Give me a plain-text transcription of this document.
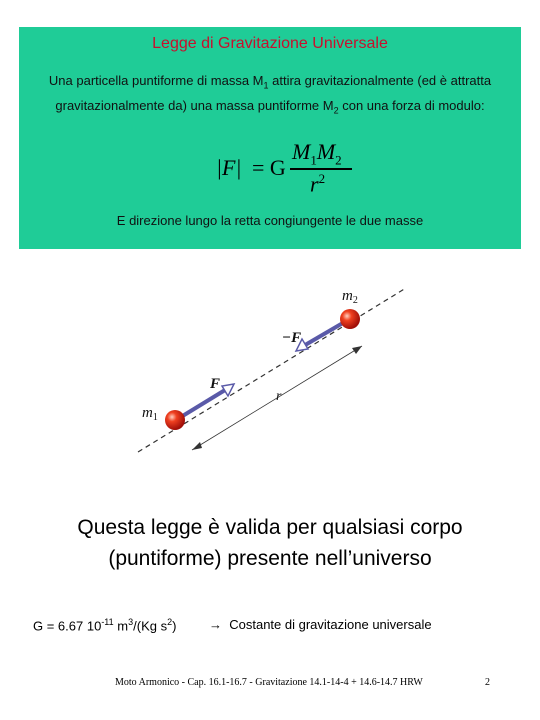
Legge di Gravitazione Universale
Una particella puntiforme di massa $M_1$ attira gravitazionalmente (ed è attratta gravitazionalmente da) una massa puntiforme $M_2$ con una forza di modulo:
|F| = G
$M_1M_2$
$r^2$
E direzione lungo la retta congiungente le due masse
$m_1$
$m_2$
F
−F
r
Questa legge è valida per qualsiasi corpo
(puntiforme) presente nell’universo
G = 6.67 $10^{-11}$ $m^3/(Kg$ $s^2$)	→ Costante di gravitazione universale
Moto Armonico - Cap. 16.1-16.7 - Gravitazione 14.1-14-4 + 14.6-14.7 HRW	2
